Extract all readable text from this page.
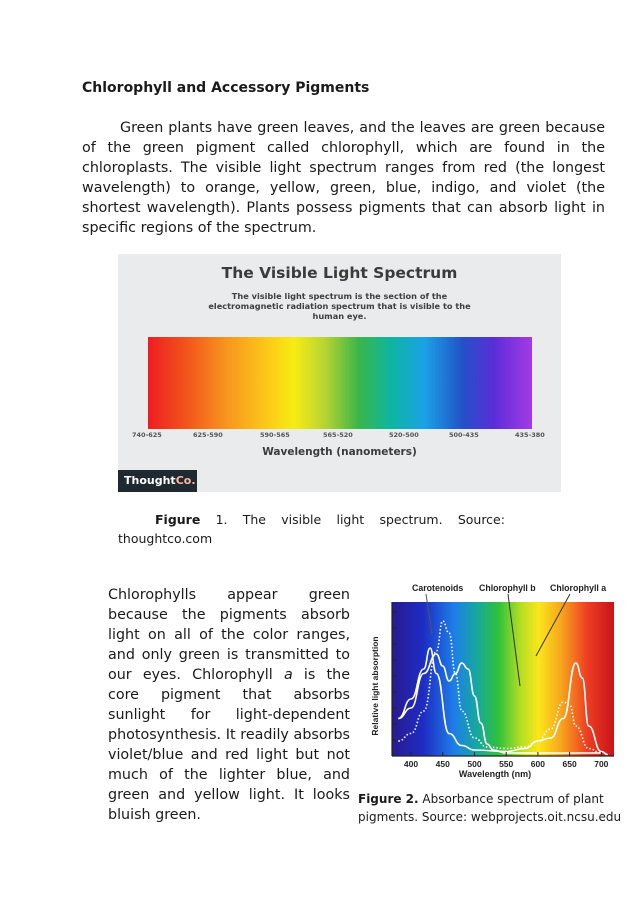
Chlorophyll and Accessory Pigments
Green plants have green leaves, and the leaves are green because of the green pigment called chlorophyll, which are found in the chloroplasts. The visible light spectrum ranges from red (the longest wavelength) to orange, yellow, green, blue, indigo, and violet (the shortest wavelength). Plants possess pigments that can absorb light in specific regions of the spectrum.
The Visible Light Spectrum
The visible light spectrum is the section of the electromagnetic radiation spectrum that is visible to the human eye.
740-625	625-590	590-565	565-520	520-500	500-435	435-380
Wavelength (nanometers)
ThoughtCo.
Figure 1. The visible light spectrum. Source:
thoughtco.com
Chlorophylls appear green because the pigments absorb light on all of the color ranges, and only green is transmitted to our eyes. Chlorophyll a is the core pigment that absorbs sunlight for light-dependent photosynthesis. It readily absorbs violet/blue and red light but not much of the lighter blue, and green and yellow light. It looks bluish green.
Relative light absorption
400 450 500 550 600 650 700
Wavelength (nm)
Carotenoids Chlorophyll b Chlorophyll a
Figure 2. Absorbance spectrum of plant pigments. Source: webprojects.oit.ncsu.edu
